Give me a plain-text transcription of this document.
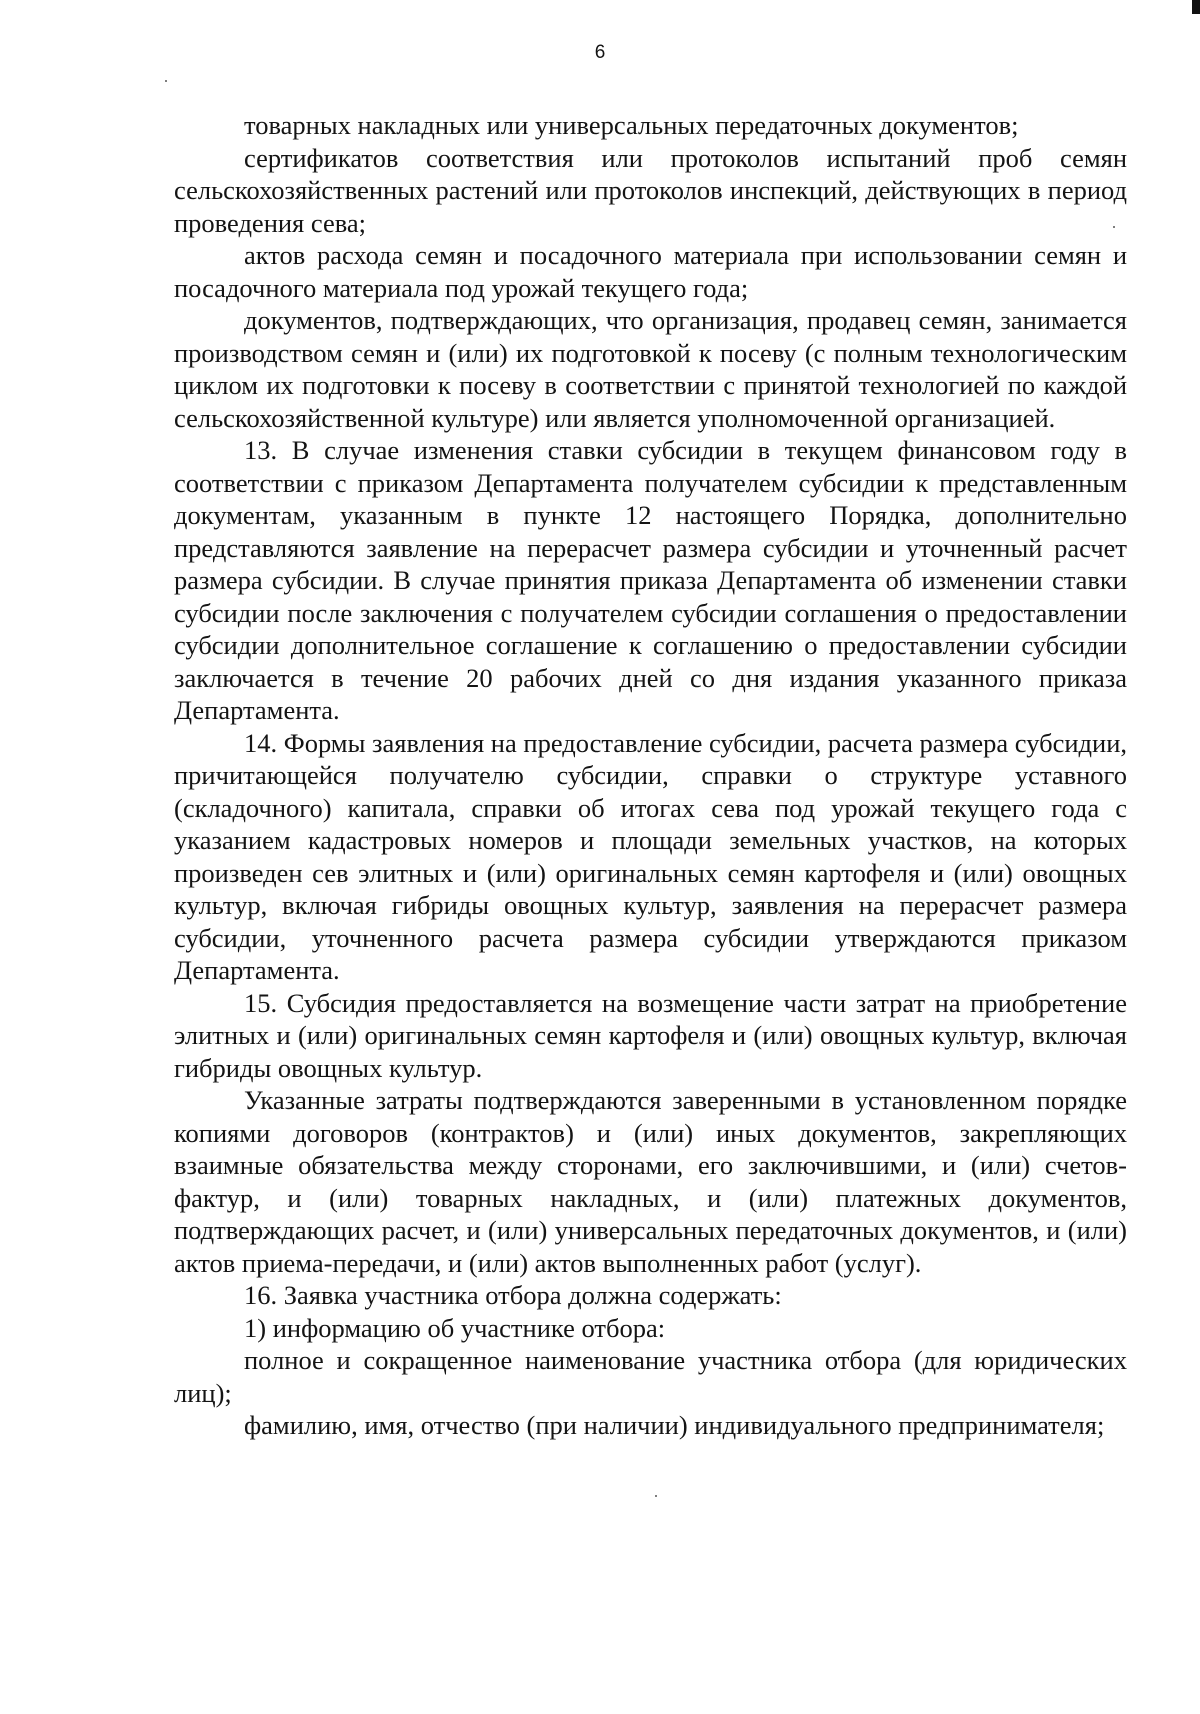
6

товарных накладных или универсальных передаточных документов;

сертификатов соответствия или протоколов испытаний проб семян сельскохозяйственных растений или протоколов инспекций, действующих в период проведения сева;

актов расхода семян и посадочного материала при использовании семян и посадочного материала под урожай текущего года;

документов, подтверждающих, что организация, продавец семян, занимается производством семян и (или) их подготовкой к посеву (с полным технологическим циклом их подготовки к посеву в соответствии с принятой технологией по каждой сельскохозяйственной культуре) или является уполномоченной организацией.

13. В случае изменения ставки субсидии в текущем финансовом году в соответствии с приказом Департамента получателем субсидии к представленным документам, указанным в пункте 12 настоящего Порядка, дополнительно представляются заявление на перерасчет размера субсидии и уточненный расчет размера субсидии. В случае принятия приказа Департамента об изменении ставки субсидии после заключения с получателем субсидии соглашения о предоставлении субсидии дополнительное соглашение к соглашению о предоставлении субсидии заключается в течение 20 рабочих дней со дня издания указанного приказа Департамента.

14. Формы заявления на предоставление субсидии, расчета размера субсидии, причитающейся получателю субсидии, справки о структуре уставного (складочного) капитала, справки об итогах сева под урожай текущего года с указанием кадастровых номеров и площади земельных участков, на которых произведен сев элитных и (или) оригинальных семян картофеля и (или) овощных культур, включая гибриды овощных культур, заявления на перерасчет размера субсидии, уточненного расчета размера субсидии утверждаются приказом Департамента.

15. Субсидия предоставляется на возмещение части затрат на приобретение элитных и (или) оригинальных семян картофеля и (или) овощных культур, включая гибриды овощных культур.

Указанные затраты подтверждаются заверенными в установленном порядке копиями договоров (контрактов) и (или) иных документов, закрепляющих взаимные обязательства между сторонами, его заключившими, и (или) счетов-фактур, и (или) товарных накладных, и (или) платежных документов, подтверждающих расчет, и (или) универсальных передаточных документов, и (или) актов приема-передачи, и (или) актов выполненных работ (услуг).

16. Заявка участника отбора должна содержать:

1) информацию об участнике отбора:

полное и сокращенное наименование участника отбора (для юридических лиц);

фамилию, имя, отчество (при наличии) индивидуального предпринимателя;
